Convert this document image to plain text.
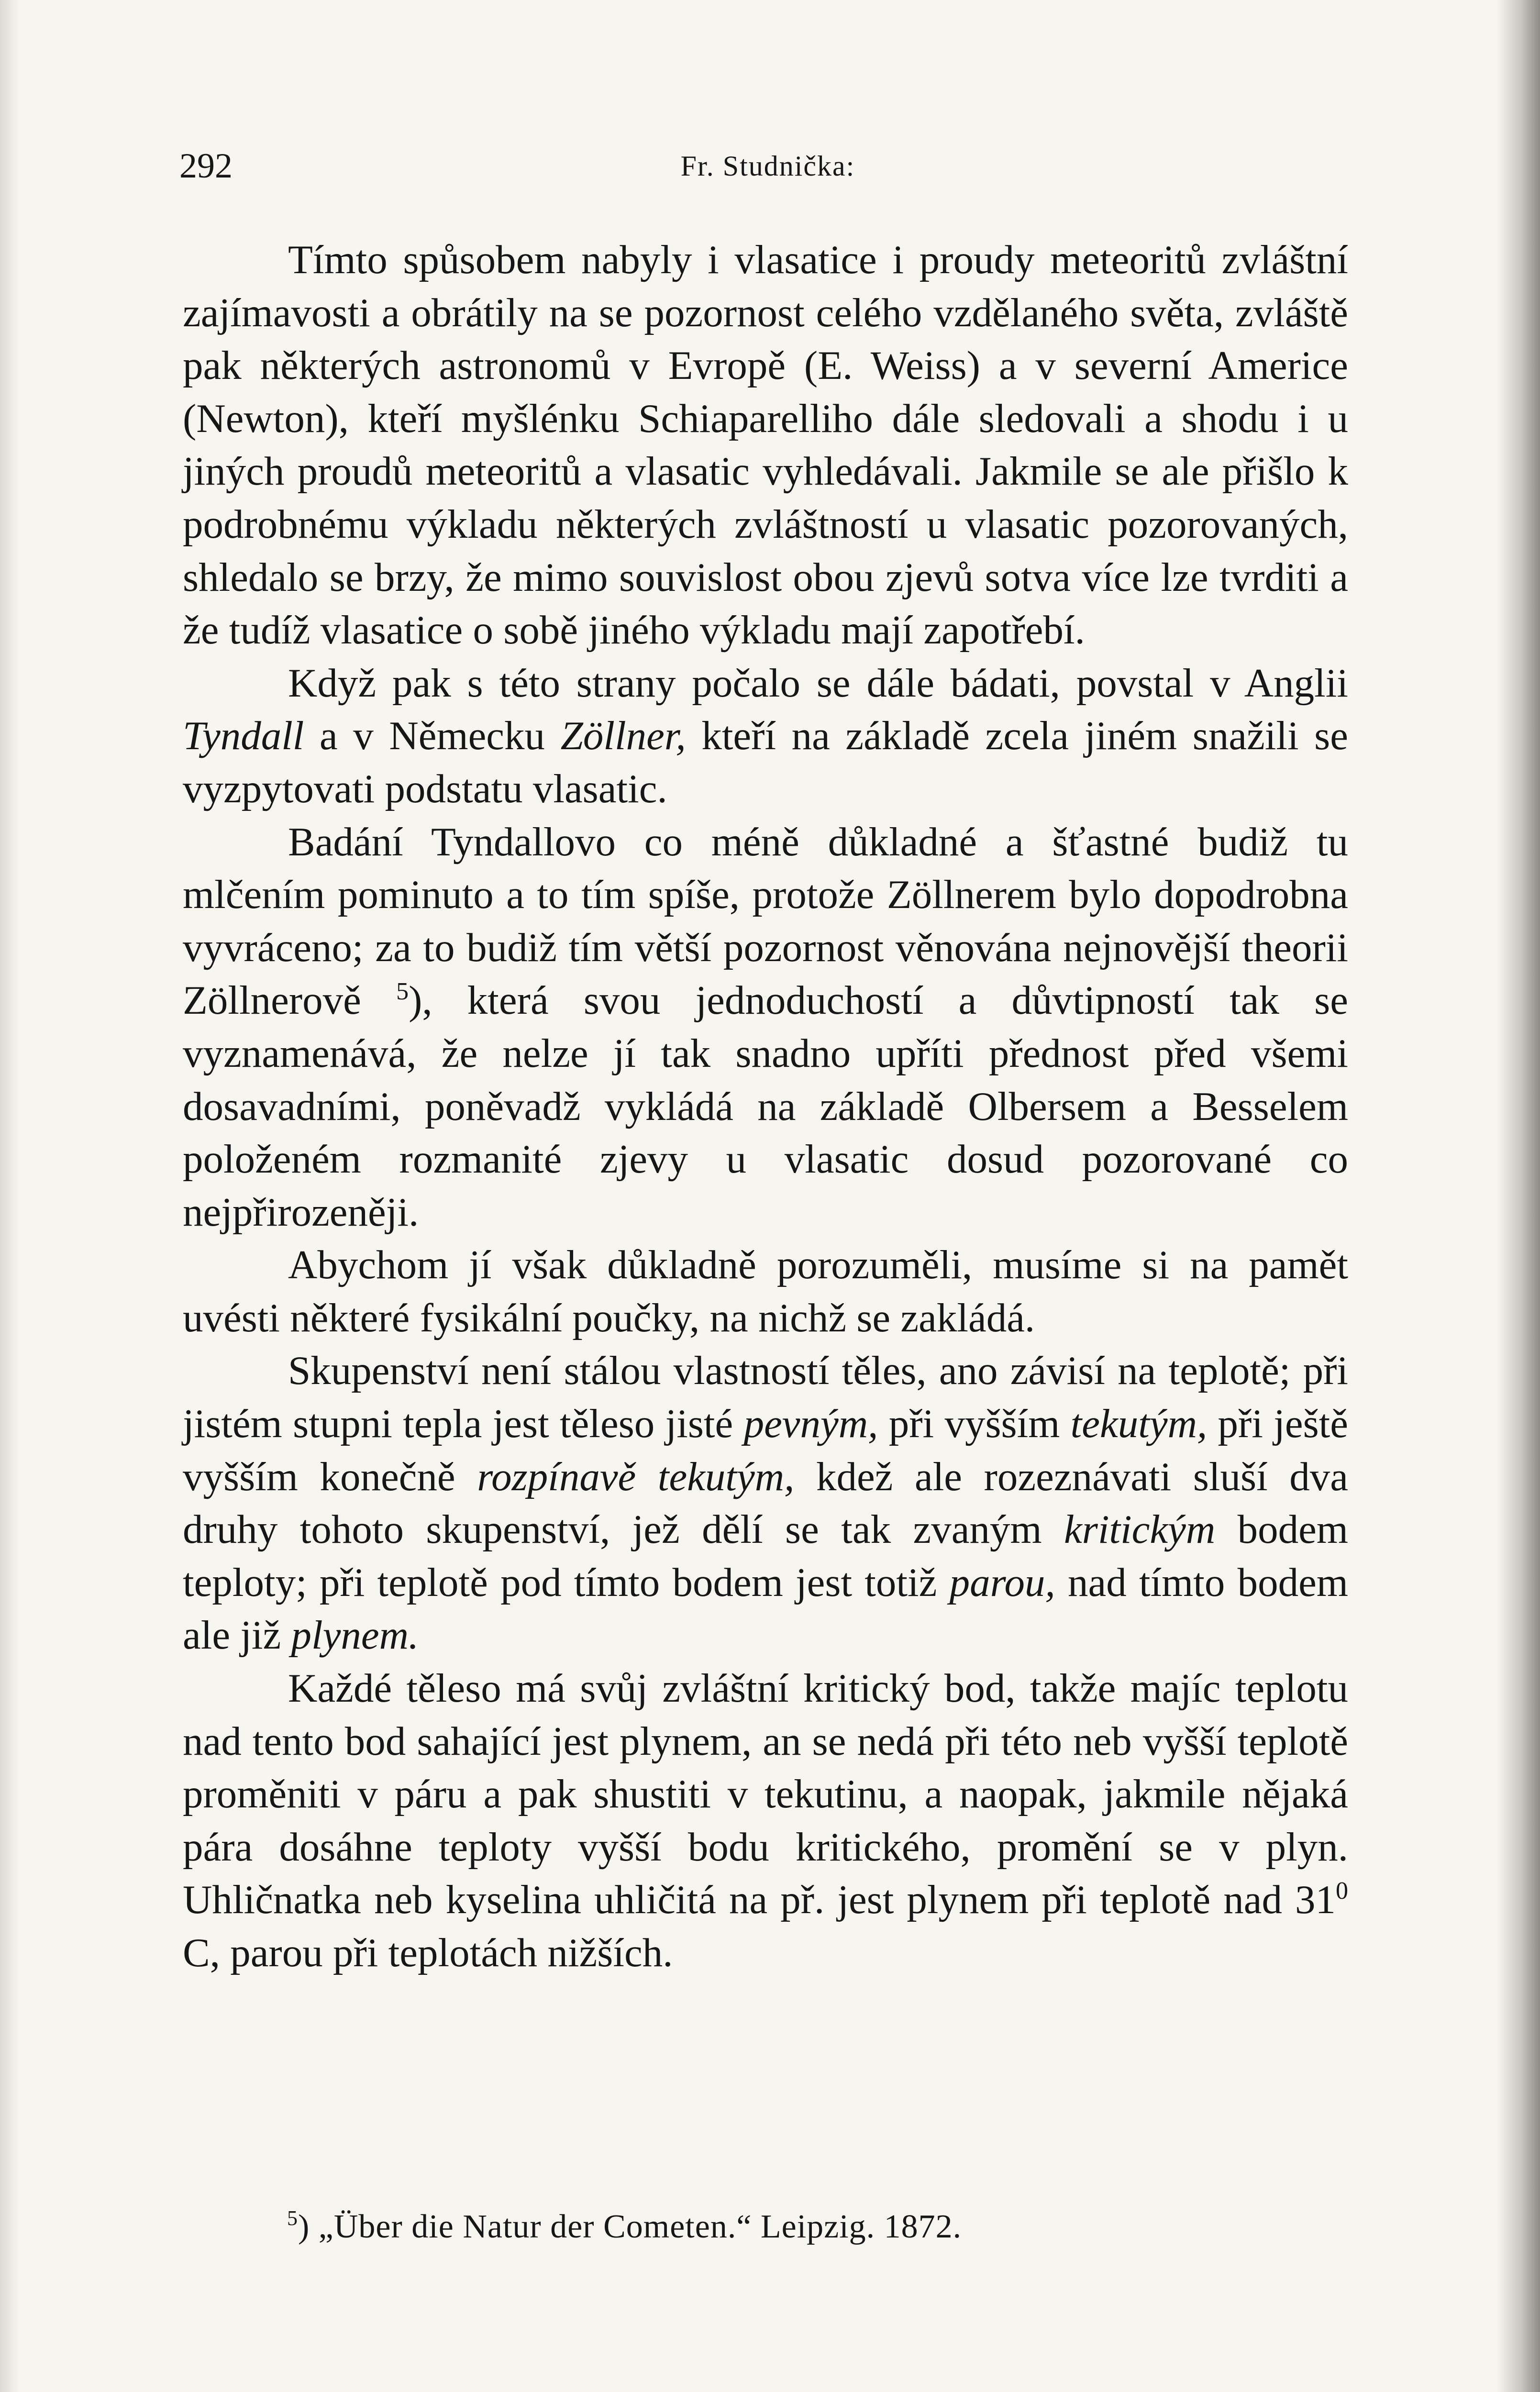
292	Fr. Studnička:

Tímto spůsobem nabyly i vlasatice i proudy meteoritů zvláštní zajímavosti a obrátily na se pozornost celého vzdělaného světa, zvláště pak některých astronomů v Evropě (E. Weiss) a v severní Americe (Newton), kteří myšlénku Schiaparelliho dále sledovali a shodu i u jiných proudů meteoritů a vlasatic vyhledávali. Jakmile se ale přišlo k podrobnému výkladu některých zvláštností u vlasatic pozorovaných, shledalo se brzy, že mimo souvislost obou zjevů sotva více lze tvrditi a že tudíž vlasatice o sobě jiného výkladu mají zapotřebí.

Když pak s této strany počalo se dále bádati, povstal v Anglii Tyndall a v Německu Zöllner, kteří na základě zcela jiném snažili se vyzpytovati podstatu vlasatic.

Badání Tyndallovo co méně důkladné a šťastné budiž tu mlčením pominuto a to tím spíše, protože Zöllnerem bylo dopodrobna vyvráceno; za to budiž tím větší pozornost věnována nejnovější theorii Zöllnerově $^5$), která svou jednoduchostí a důvtipností tak se vyznamenává, že nelze jí tak snadno upříti přednost před všemi dosavadními, poněvadž vykládá na základě Olbersem a Besselem položeném rozmanité zjevy u vlasatic dosud pozorované co nejpřirozeněji.

Abychom jí však důkladně porozuměli, musíme si na pamět uvésti některé fysikální poučky, na nichž se zakládá.

Skupenství není stálou vlastností těles, ano závisí na teplotě; při jistém stupni tepla jest těleso jisté pevným, při vyšším tekutým, při ještě vyšším konečně rozpínavě tekutým, kdež ale rozeznávati sluší dva druhy tohoto skupenství, jež dělí se tak zvaným kritickým bodem teploty; při teplotě pod tímto bodem jest totiž parou, nad tímto bodem ale již plynem.

Každé těleso má svůj zvláštní kritický bod, takže majíc teplotu nad tento bod sahající jest plynem, an se nedá při této neb vyšší teplotě proměniti v páru a pak shustiti v tekutinu, a naopak, jakmile nějaká pára dosáhne teploty vyšší bodu kritického, promění se v plyn. Uhličnatka neb kyselina uhličitá na př. jest plynem při teplotě nad $31^0$ C, parou při teplotách nižších.

$^5$) „Über die Natur der Cometen.“ Leipzig. 1872.
